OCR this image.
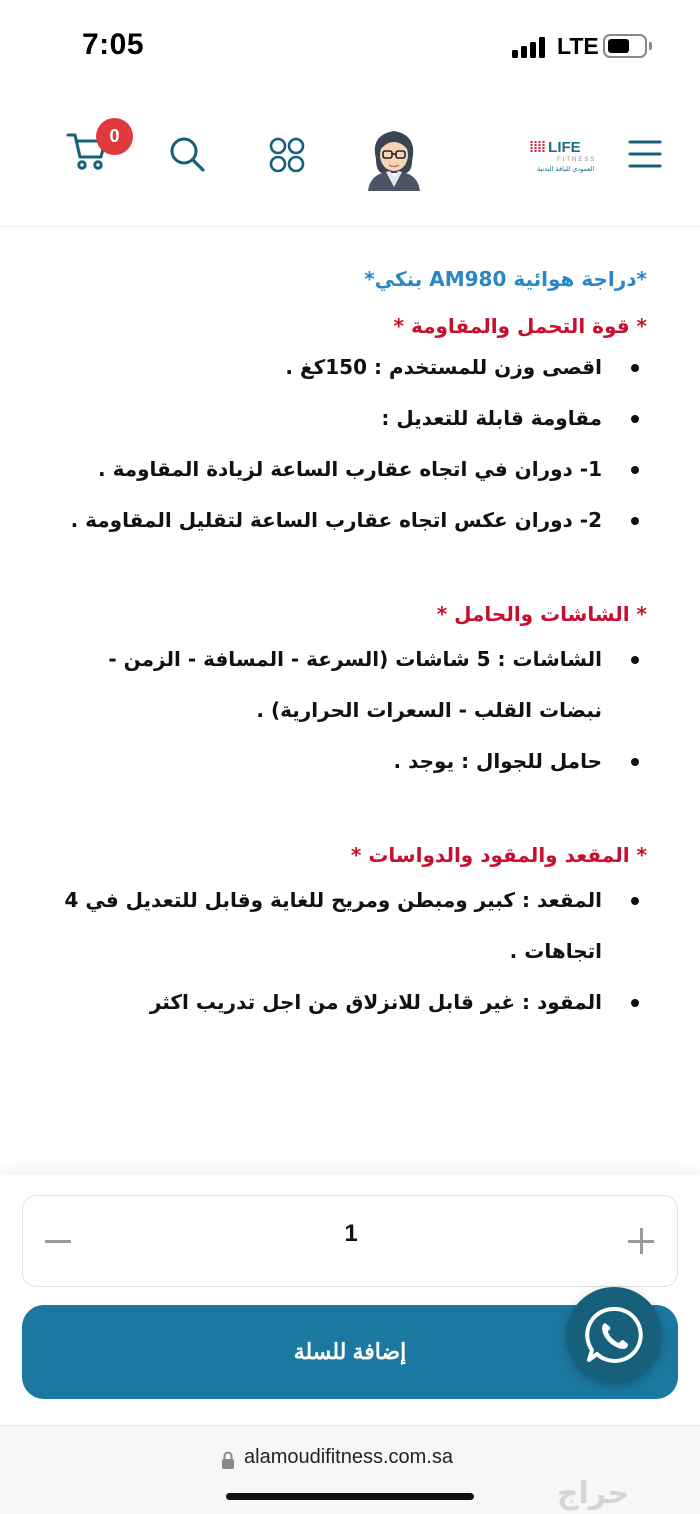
7:05	LTE
0
⁞⁞⁞⁞ LIFE
FITNESS
العمودي للياقة البدنية
*دراجة هوائية AM980 بنكي*
* قوة التحمل والمقاومة *
اقصى وزن للمستخدم : 150كغ .
مقاومة قابلة للتعديل :
1- دوران في اتجاه عقارب الساعة لزيادة المقاومة .
2- دوران عكس اتجاه عقارب الساعة لتقليل المقاومة .
* الشاشات والحامل *
الشاشات : 5 شاشات (السرعة - المسافة - الزمن - نبضات القلب - السعرات الحرارية) .
حامل للجوال : يوجد .
* المقعد والمقود والدواسات *
المقعد : كبير ومبطن ومريح للغاية وقابل للتعديل في 4 اتجاهات .
المقود : غير قابل للانزلاق من اجل تدريب اكثر
1
إضافة للسلة
alamoudifitness.com.sa
حراج
